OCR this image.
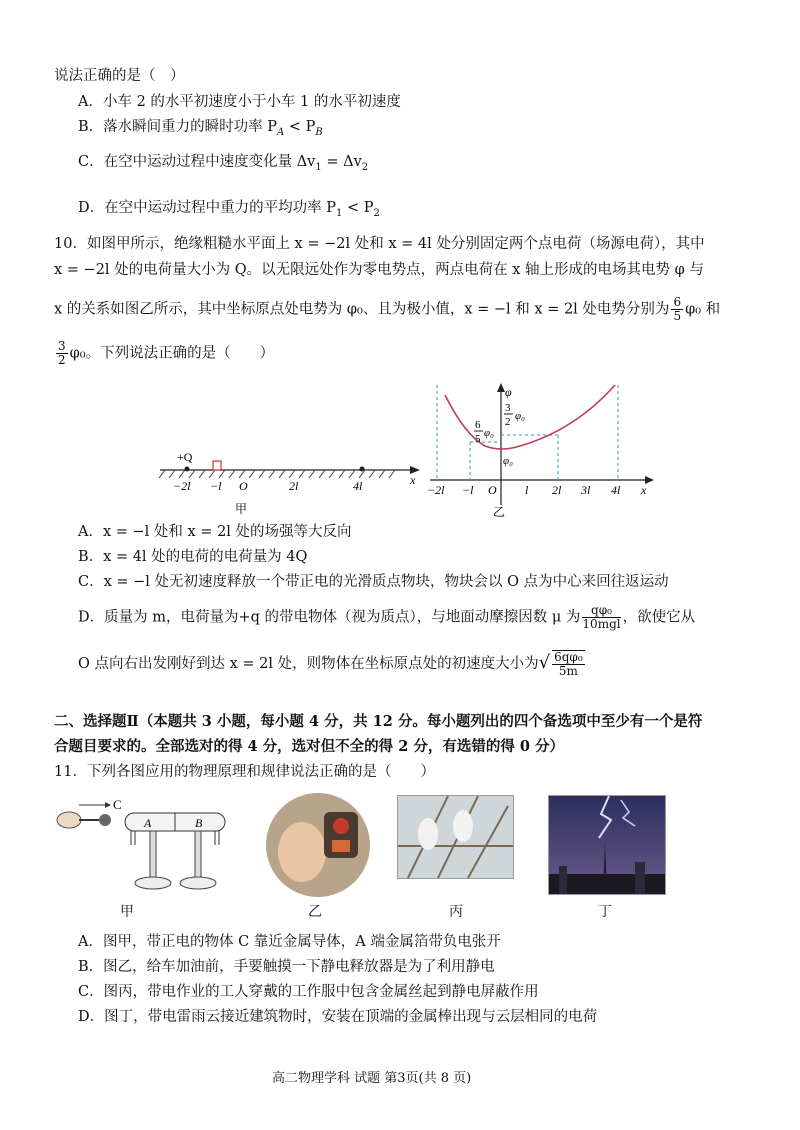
说法正确的是（　）
A．小车 2 的水平初速度小于小车 1 的水平初速度
B．落水瞬间重力的瞬时功率 $P_A < P_B$
C．在空中运动过程中速度变化量 $\Delta v_1 = \Delta v_2$
D．在空中运动过程中重力的平均功率 $P_1 < P_2$
10．如图甲所示，绝缘粗糙水平面上 x = −2l 处和 x = 4l 处分别固定两个点电荷（场源电荷），其中
x = −2l 处的电荷量大小为 Q。以无限远处作为零电势点，两点电荷在 x 轴上形成的电场其电势 φ 与
x 的关系如图乙所示，其中坐标原点处电势为 φ₀、且为极小值，x = −l 和 x = 2l 处电势分别为 $\frac{6}{5} \varphi_0$ 和
$\frac{3}{2} \varphi_0$。下列说法正确的是（　　）
+Q
−2l −l O	2l	4l	x
甲
φ
3
2 φ₀
6
5 φ₀
φ₀
−2l −l O l 2l 3l 4l x
乙
A．x = −l 处和 x = 2l 处的场强等大反向
B．x = 4l 处的电荷的电荷量为 4Q
C．x = −l 处无初速度释放一个带正电的光滑质点物块，物块会以 O 点为中心来回往返运动
D．质量为 m，电荷量为+q 的带电物体（视为质点），与地面动摩擦因数 μ 为 $\frac{\text{qφ₀}}{\text{10mgl}}$ ，欲使它从
O 点向右出发刚好到达 x = 2l 处，则物体在坐标原点处的初速度大小为√ $\frac{\text{6qφ₀}}{5m}$
二、选择题Ⅱ（本题共 3 小题，每小题 4 分，共 12 分。每小题列出的四个备选项中至少有一个是符
合题目要求的。全部选对的得 4 分，选对但不全的得 2 分，有选错的得 0 分）
11．下列各图应用的物理原理和规律说法正确的是（　　）
C
A	B
甲	乙	丙	丁
A．图甲，带正电的物体 C 靠近金属导体，A 端金属箔带负电张开
B．图乙，给车加油前，手要触摸一下静电释放器是为了利用静电
C．图丙，带电作业的工人穿戴的工作服中包含金属丝起到静电屏蔽作用
D．图丁，带电雷雨云接近建筑物时，安装在顶端的金属棒出现与云层相同的电荷
高二物理学科 试题 第3页(共 8 页)
